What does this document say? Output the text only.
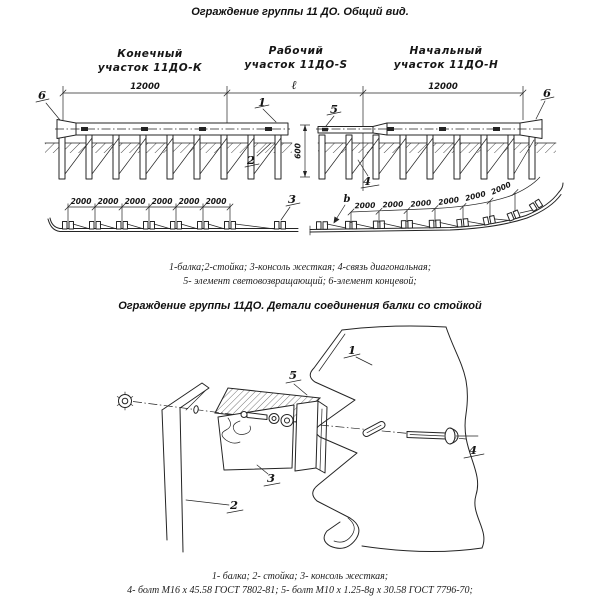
Ограждение группы 11 ДО. Общий вид.
Конечный
участок 11ДО-К
Рабочий
участок 11ДО-S
Начальный
участок 11ДО-Н
12000	ℓ	12000
600
6	6
1	5
2
4
2000 2000 2000 2000 2000 2000	3	2000 2000 2000 2000 2000 2000
b
1-балка;2-стойка; 3-консоль жесткая; 4-связь диагональная;
5- элемент световозвращающий; 6-элемент концевой;
Ограждение группы 11ДО. Детали соединения балки со стойкой
1
5
3
2
4
1- балка; 2- стойка; 3- консоль жесткая;
4- болт М16 х 45.58 ГОСТ 7802-81; 5- болт М10 х 1.25-8g х 30.58 ГОСТ 7796-70;
